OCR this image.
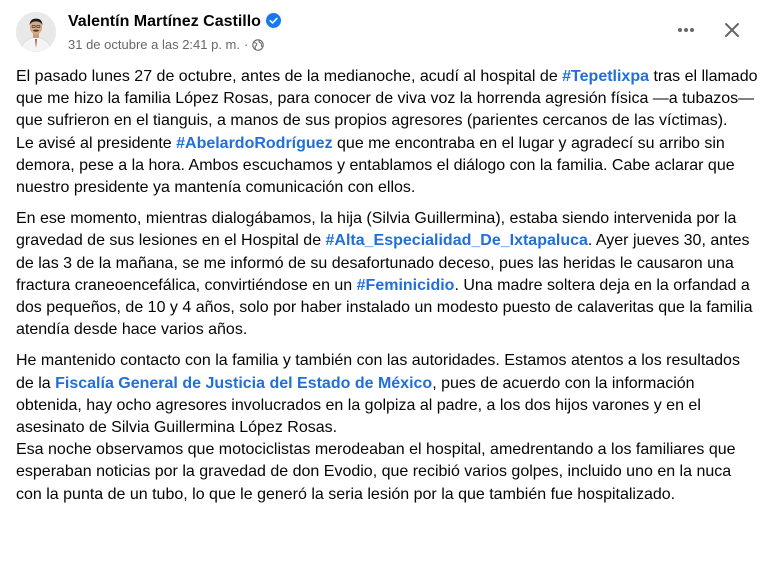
Valentín Martínez Castillo
31 de octubre a las 2:41 p. m. ·

El pasado lunes 27 de octubre, antes de la medianoche, acudí al hospital de #Tepetlixpa tras el llamado que me hizo la familia López Rosas, para conocer de viva voz la horrenda agresión física —a tubazos— que sufrieron en el tianguis, a manos de sus propios agresores (parientes cercanos de las víctimas).

Le avisé al presidente #AbelardoRodríguez que me encontraba en el lugar y agradecí su arribo sin demora, pese a la hora. Ambos escuchamos y entablamos el diálogo con la familia. Cabe aclarar que nuestro presidente ya mantenía comunicación con ellos.

En ese momento, mientras dialogábamos, la hija (Silvia Guillermina), estaba siendo intervenida por la gravedad de sus lesiones en el Hospital de #Alta_Especialidad_De_Ixtapaluca. Ayer jueves 30, antes de las 3 de la mañana, se me informó de su desafortunado deceso, pues las heridas le causaron una fractura craneoencefálica, convirtiéndose en un #Feminicidio. Una madre soltera deja en la orfandad a dos pequeños, de 10 y 4 años, solo por haber instalado un modesto puesto de calaveritas que la familia atendía desde hace varios años.

He mantenido contacto con la familia y también con las autoridades. Estamos atentos a los resultados de la Fiscalía General de Justicia del Estado de México, pues de acuerdo con la información obtenida, hay ocho agresores involucrados en la golpiza al padre, a los dos hijos varones y en el asesinato de Silvia Guillermina López Rosas.

Esa noche observamos que motociclistas merodeaban el hospital, amedrentando a los familiares que esperaban noticias por la gravedad de don Evodio, que recibió varios golpes, incluido uno en la nuca con la punta de un tubo, lo que le generó la seria lesión por la que también fue hospitalizado.
